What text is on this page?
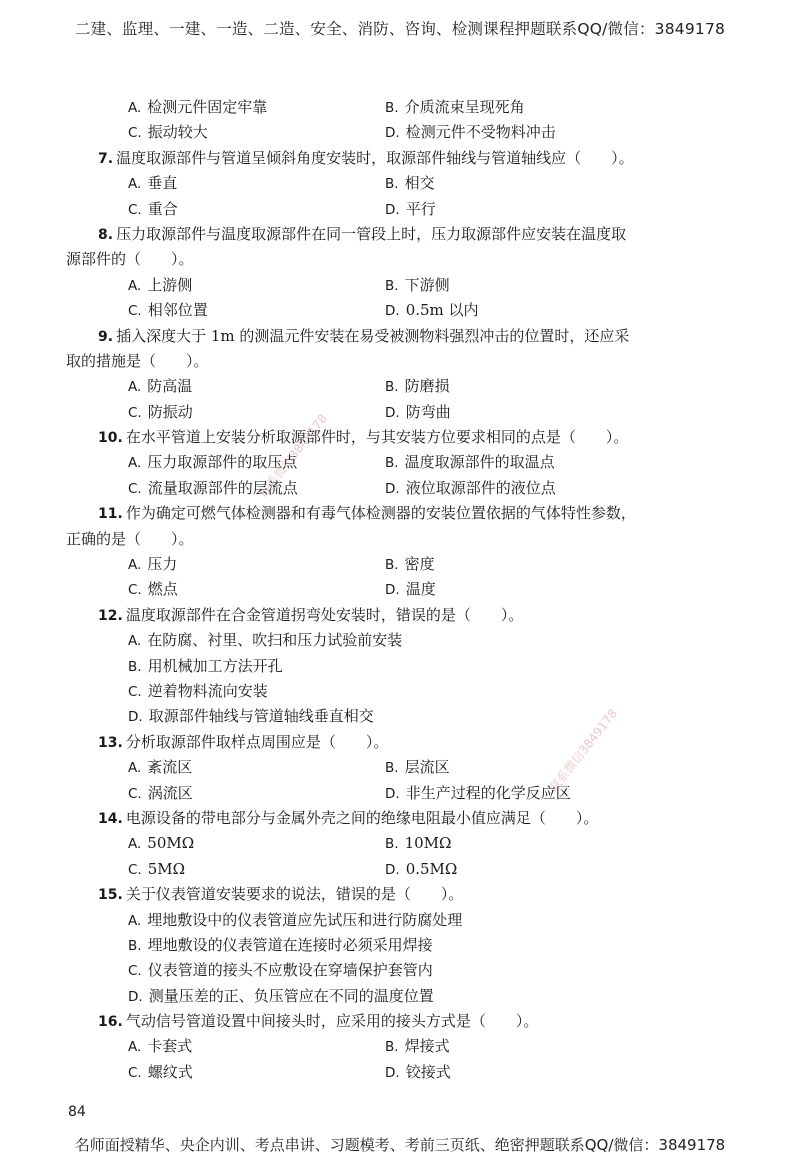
二建、监理、一建、一造、二造、安全、消防、咨询、检测课程押题联系QQ/微信：3849178
联系微信3849178
联系微信3849178
A. 检测元件固定牢靠	B. 介质流束呈现死角
C. 振动较大	D. 检测元件不受物料冲击
7. 温度取源部件与管道呈倾斜角度安装时，取源部件轴线与管道轴线应（　　）。
A. 垂直	B. 相交
C. 重合	D. 平行
8. 压力取源部件与温度取源部件在同一管段上时，压力取源部件应安装在温度取
源部件的（　　）。
A. 上游侧	B. 下游侧
C. 相邻位置	D. 0.5m 以内
9. 插入深度大于 1m 的测温元件安装在易受被测物料强烈冲击的位置时，还应采
取的措施是（　　）。
A. 防高温	B. 防磨损
C. 防振动	D. 防弯曲
10. 在水平管道上安装分析取源部件时，与其安装方位要求相同的点是（　　）。
A. 压力取源部件的取压点	B. 温度取源部件的取温点
C. 流量取源部件的层流点	D. 液位取源部件的液位点
11. 作为确定可燃气体检测器和有毒气体检测器的安装位置依据的气体特性参数，
正确的是（　　）。
A. 压力	B. 密度
C. 燃点	D. 温度
12. 温度取源部件在合金管道拐弯处安装时，错误的是（　　）。
A. 在防腐、衬里、吹扫和压力试验前安装
B. 用机械加工方法开孔
C. 逆着物料流向安装
D. 取源部件轴线与管道轴线垂直相交
13. 分析取源部件取样点周围应是（　　）。
A. 紊流区	B. 层流区
C. 涡流区	D. 非生产过程的化学反应区
14. 电源设备的带电部分与金属外壳之间的绝缘电阻最小值应满足（　　）。
A. 50MΩ	B. 10MΩ
C. 5MΩ	D. 0.5MΩ
15. 关于仪表管道安装要求的说法，错误的是（　　）。
A. 埋地敷设中的仪表管道应先试压和进行防腐处理
B. 埋地敷设的仪表管道在连接时必须采用焊接
C. 仪表管道的接头不应敷设在穿墙保护套管内
D. 测量压差的正、负压管应在不同的温度位置
16. 气动信号管道设置中间接头时，应采用的接头方式是（　　）。
A. 卡套式	B. 焊接式
C. 螺纹式	D. 铰接式
84
名师面授精华、央企内训、考点串讲、习题模考、考前三页纸、绝密押题联系QQ/微信：3849178
